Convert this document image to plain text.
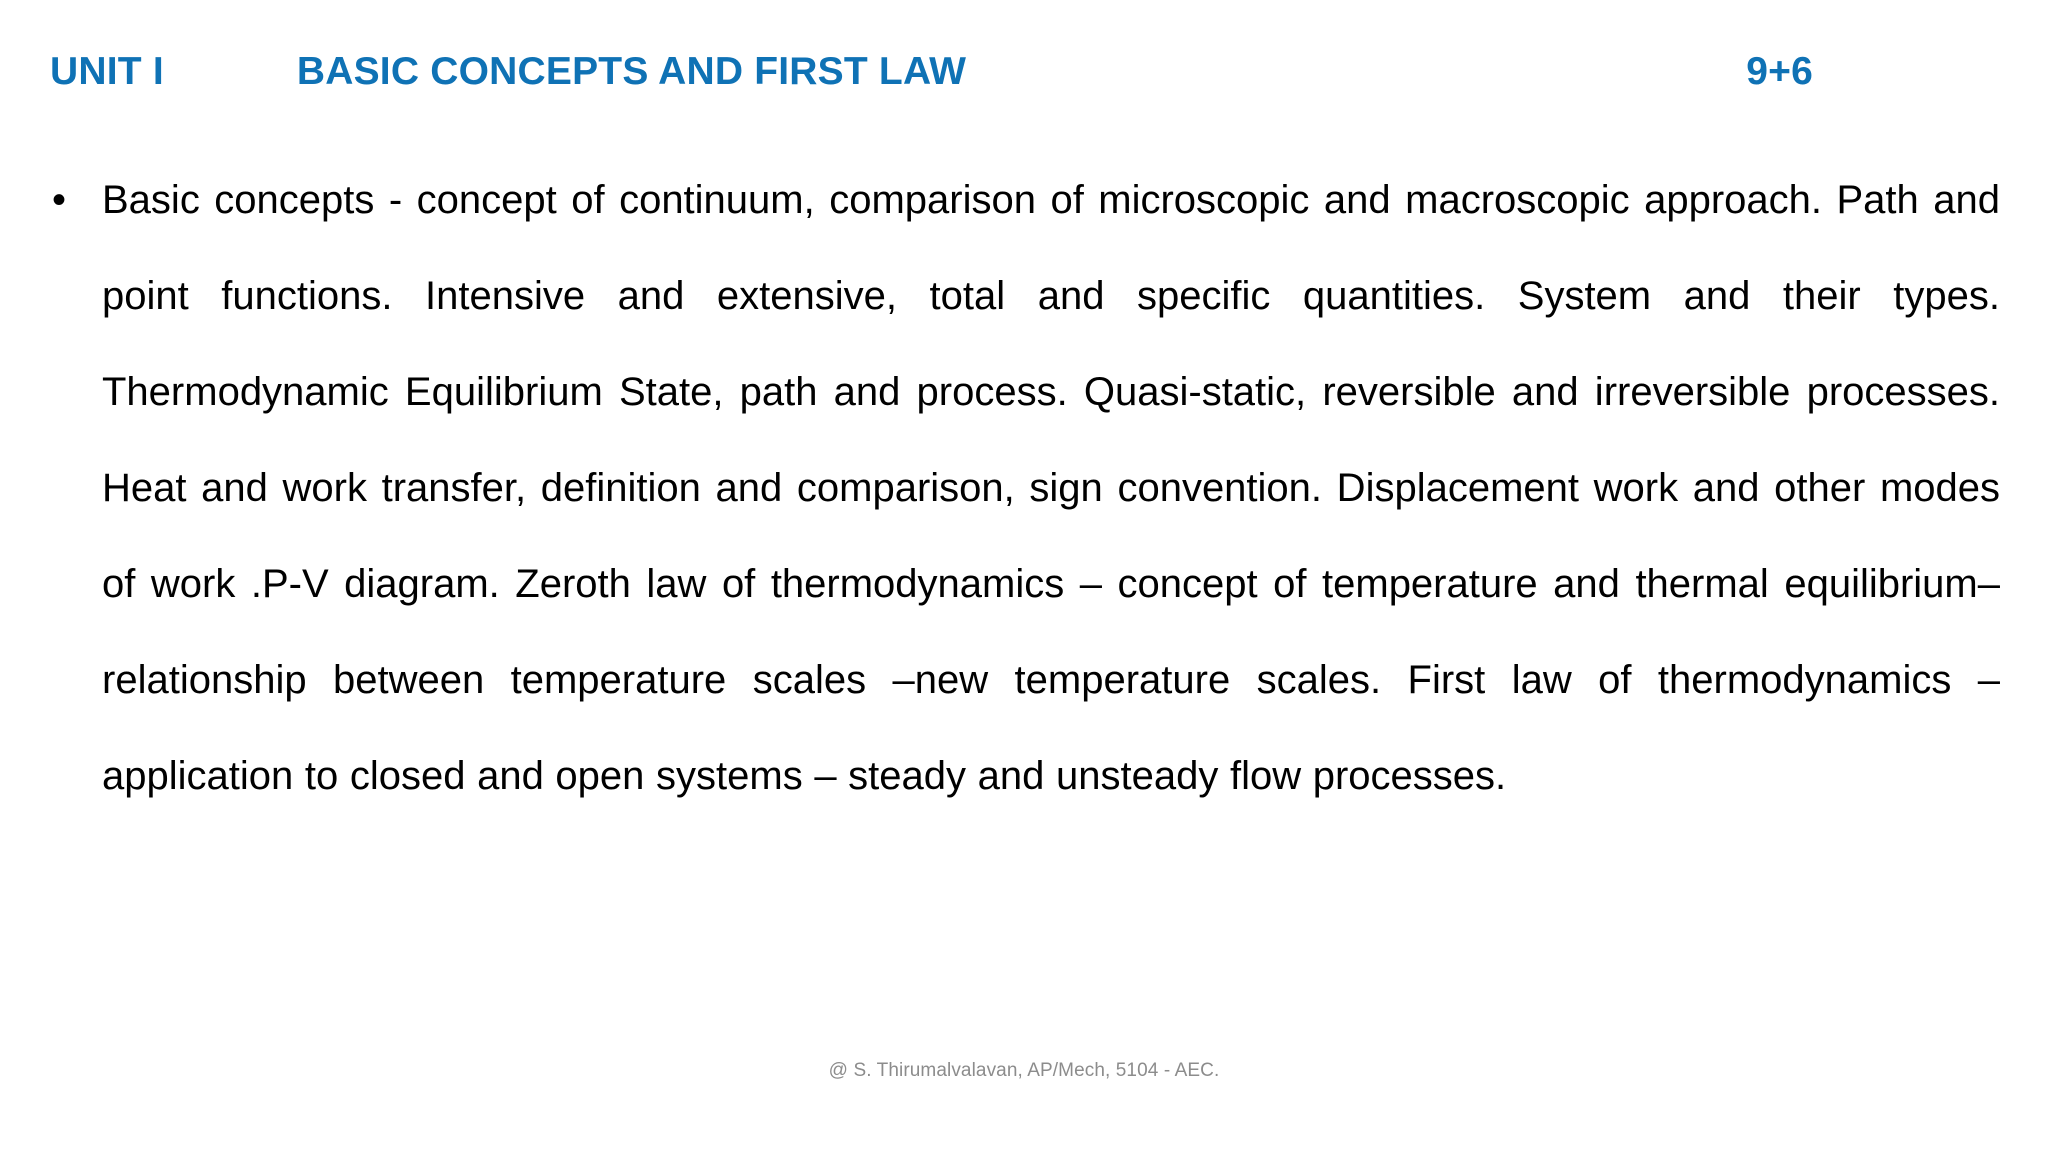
UNIT I	BASIC CONCEPTS AND FIRST LAW	9+6
• Basic concepts - concept of continuum, comparison of microscopic and macroscopic approach. Path and point functions. Intensive and extensive, total and specific quantities. System and their types. Thermodynamic Equilibrium State, path and process. Quasi-static, reversible and irreversible processes. Heat and work transfer, definition and comparison, sign convention. Displacement work and other modes of work .P-V diagram. Zeroth law of thermodynamics – concept of temperature and thermal equilibrium– relationship between temperature scales –new temperature scales. First law of thermodynamics –application to closed and open systems – steady and unsteady flow processes.
@ S. Thirumalvalavan, AP/Mech, 5104 - AEC.
